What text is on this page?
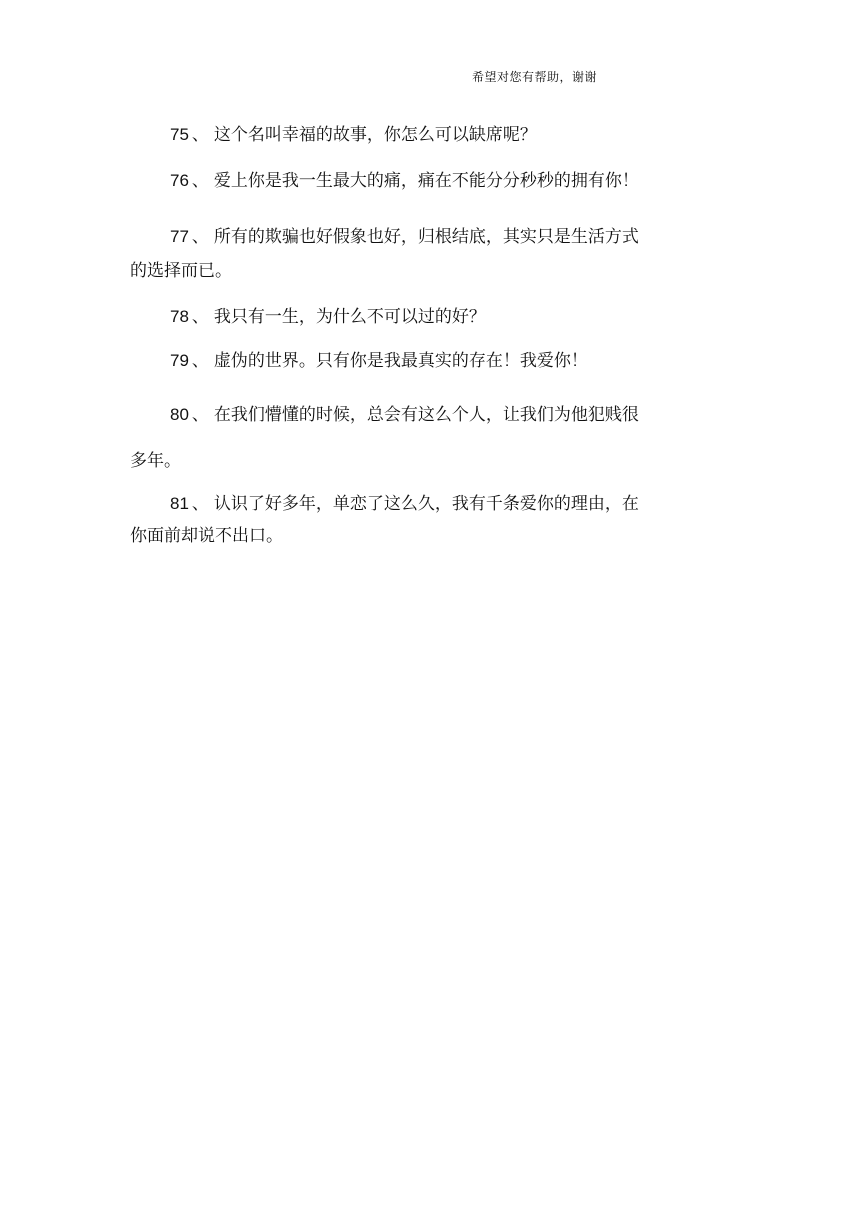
希望对您有帮助，谢谢
75 、 这个名叫幸福的故事，你怎么可以缺席呢？
76 、 爱上你是我一生最大的痛，痛在不能分分秒秒的拥有你！
77 、 所有的欺骗也好假象也好，归根结底，其实只是生活方式
的选择而已。
78 、 我只有一生，为什么不可以过的好？
79 、 虚伪的世界。只有你是我最真实的存在！我爱你！
80 、 在我们懵懂的时候，总会有这么个人，让我们为他犯贱很
多年。
81 、 认识了好多年，单恋了这么久，我有千条爱你的理由，在
你面前却说不出口。
